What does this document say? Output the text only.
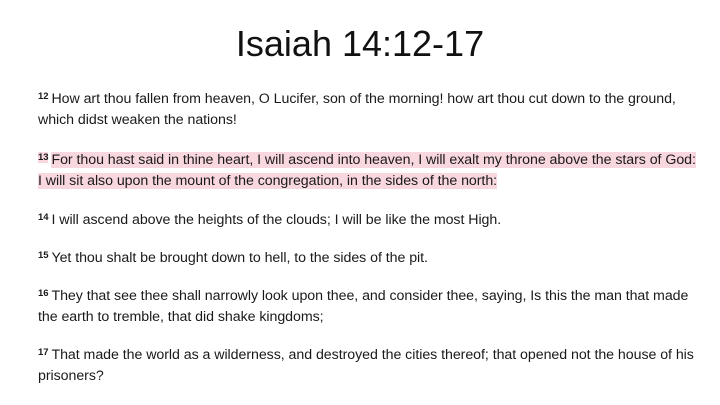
Isaiah 14:12-17

$^{12}$ How art thou fallen from heaven, O Lucifer, son of the morning! how art thou cut down to the ground, which didst weaken the nations!

$^{13}$ For thou hast said in thine heart, I will ascend into heaven, I will exalt my throne above the stars of God: I will sit also upon the mount of the congregation, in the sides of the north:

$^{14}$ I will ascend above the heights of the clouds; I will be like the most High.

$^{15}$ Yet thou shalt be brought down to hell, to the sides of the pit.

$^{16}$ They that see thee shall narrowly look upon thee, and consider thee, saying, Is this the man that made the earth to tremble, that did shake kingdoms;

$^{17}$ That made the world as a wilderness, and destroyed the cities thereof; that opened not the house of his prisoners?
